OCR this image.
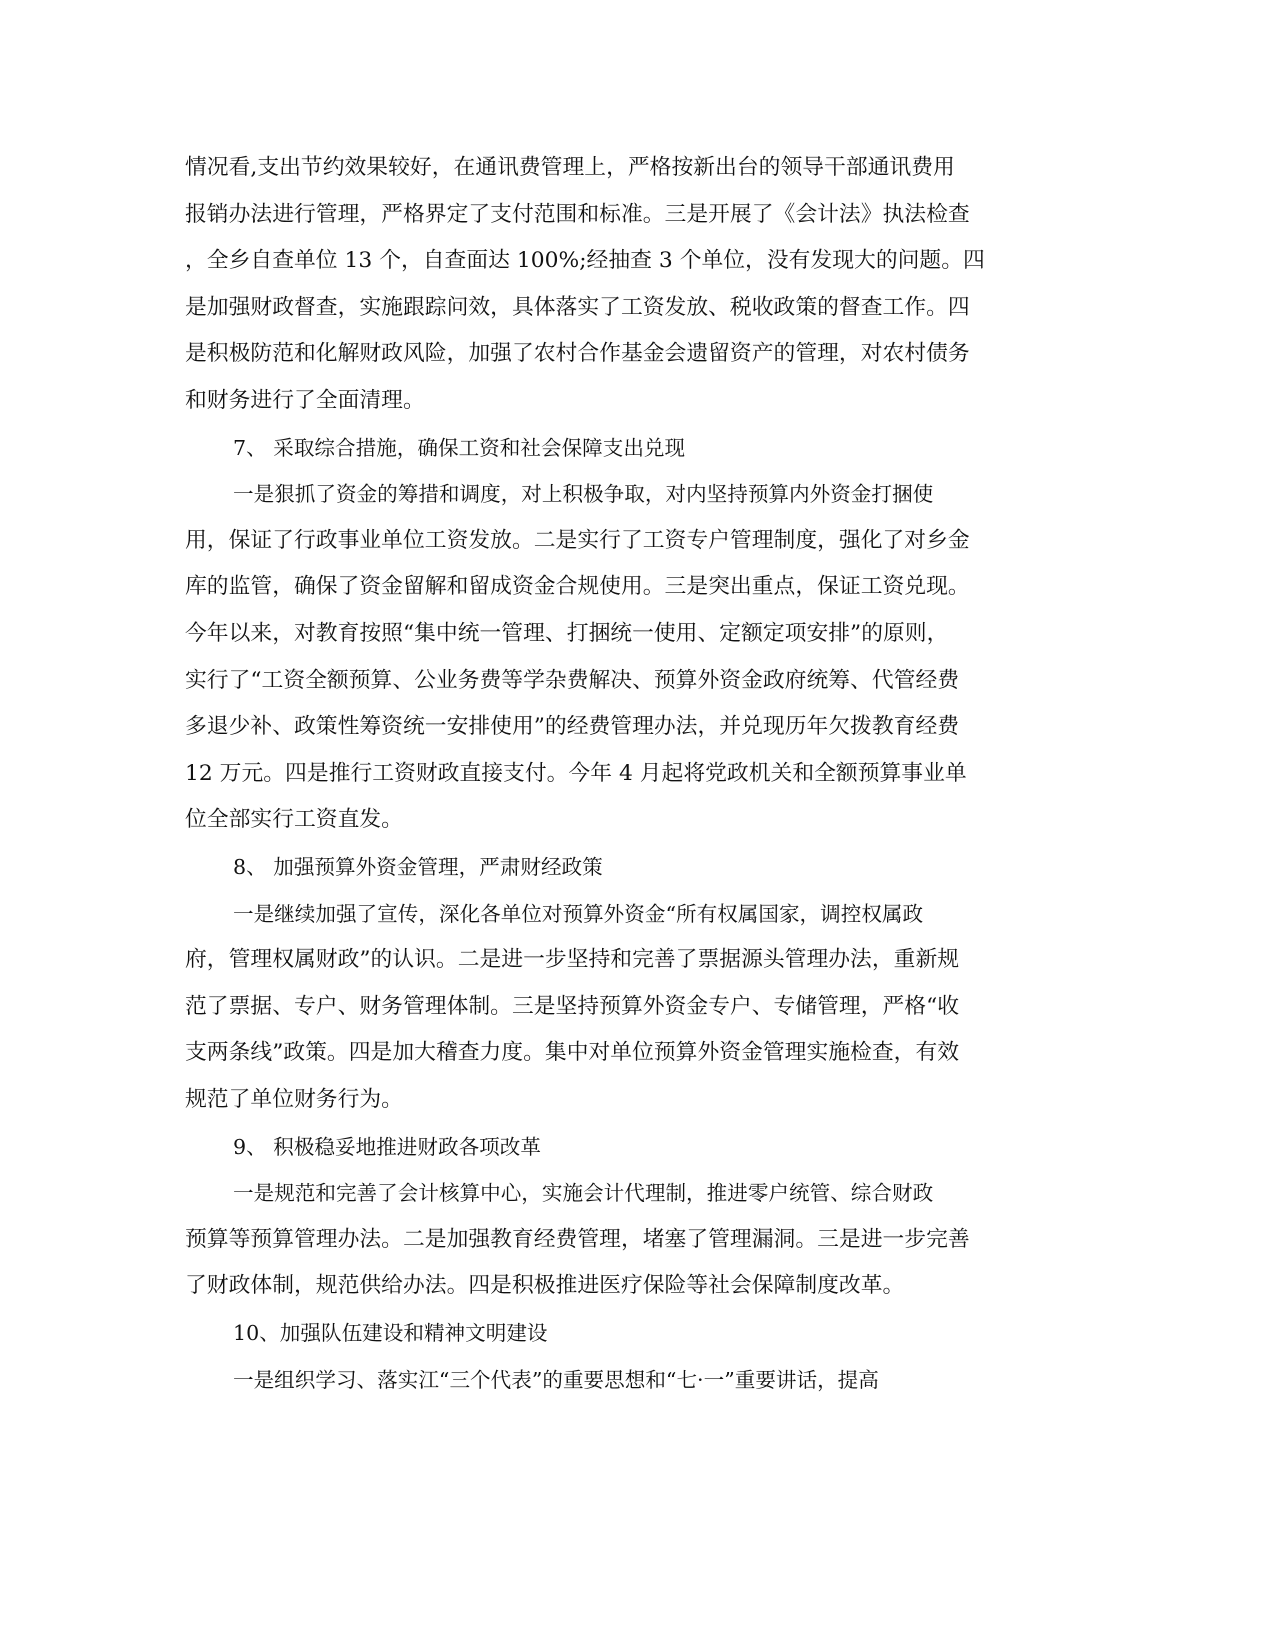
情况看,支出节约效果较好，在通讯费管理上，严格按新出台的领导干部通讯费用
报销办法进行管理，严格界定了支付范围和标准。三是开展了《会计法》执法检查
，全乡自查单位 13 个，自查面达 100%;经抽查 3 个单位，没有发现大的问题。四
是加强财政督查，实施跟踪问效，具体落实了工资发放、税收政策的督查工作。四
是积极防范和化解财政风险，加强了农村合作基金会遗留资产的管理，对农村债务
和财务进行了全面清理。
7、 采取综合措施，确保工资和社会保障支出兑现
一是狠抓了资金的筹措和调度，对上积极争取，对内坚持预算内外资金打捆使
用，保证了行政事业单位工资发放。二是实行了工资专户管理制度，强化了对乡金
库的监管，确保了资金留解和留成资金合规使用。三是突出重点，保证工资兑现。
今年以来，对教育按照“集中统一管理、打捆统一使用、定额定项安排”的原则，
实行了“工资全额预算、公业务费等学杂费解决、预算外资金政府统筹、代管经费
多退少补、政策性筹资统一安排使用”的经费管理办法，并兑现历年欠拨教育经费
12 万元。四是推行工资财政直接支付。今年 4 月起将党政机关和全额预算事业单
位全部实行工资直发。
8、 加强预算外资金管理，严肃财经政策
一是继续加强了宣传，深化各单位对预算外资金“所有权属国家，调控权属政
府，管理权属财政”的认识。二是进一步坚持和完善了票据源头管理办法，重新规
范了票据、专户、财务管理体制。三是坚持预算外资金专户、专储管理，严格“收
支两条线”政策。四是加大稽查力度。集中对单位预算外资金管理实施检查，有效
规范了单位财务行为。
9、 积极稳妥地推进财政各项改革
一是规范和完善了会计核算中心，实施会计代理制，推进零户统管、综合财政
预算等预算管理办法。二是加强教育经费管理，堵塞了管理漏洞。三是进一步完善
了财政体制，规范供给办法。四是积极推进医疗保险等社会保障制度改革。
10、加强队伍建设和精神文明建设
一是组织学习、落实江“三个代表”的重要思想和“七·一”重要讲话，提高
